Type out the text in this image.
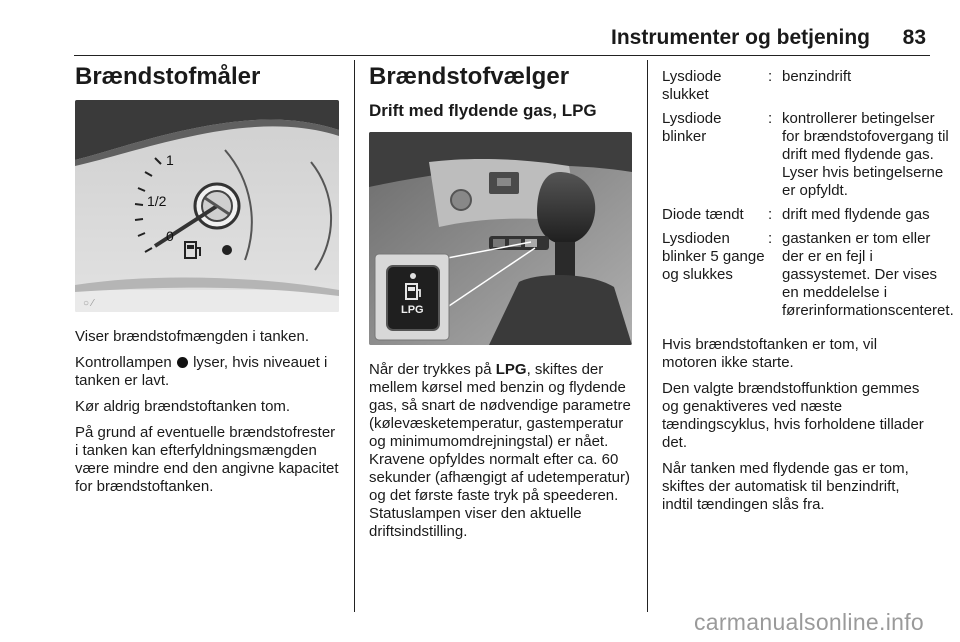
Instrumenter og betjening 83
Brændstofmåler
○ ⁄
1
1/2
0

Viser brændstofmængden i tanken.

Kontrollampen  lyser, hvis niveauet i tanken er lavt.

Kør aldrig brændstoftanken tom.

På grund af eventuelle brændstofrester i tanken kan efterfyldningsmængden være mindre end den angivne kapacitet for brændstoftanken.

Brændstofvælger
Drift med flydende gas, LPG
LPG

Når der trykkes på LPG, skiftes der mellem kørsel med benzin og flydende gas, så snart de nødvendige parametre (kølevæsketemperatur, gastemperatur og minimumomdrejningstal) er nået. Kravene opfyldes normalt efter ca. 60 sekunder (afhængigt af udetemperatur) og det første faste tryk på speederen. Statuslampen viser den aktuelle driftsindstilling.

Lysdiode slukket
: benzindrift
Lysdiode blinker
: kontrollerer betingelser for brændstofovergang til drift med flydende gas. Lyser hvis betingelserne er opfyldt.
Diode tændt	: drift med flydende gas
Lysdioden blinker 5 gange og slukkes
: gastanken er tom eller der er en fejl i gassystemet. Der vises en meddelelse i førerinformationscenteret.

Hvis brændstoftanken er tom, vil motoren ikke starte.

Den valgte brændstoffunktion gemmes og genaktiveres ved næste tændingscyklus, hvis forholdene tillader det.

Når tanken med flydende gas er tom, skiftes der automatisk til benzindrift, indtil tændingen slås fra.

carmanualsonline.info
